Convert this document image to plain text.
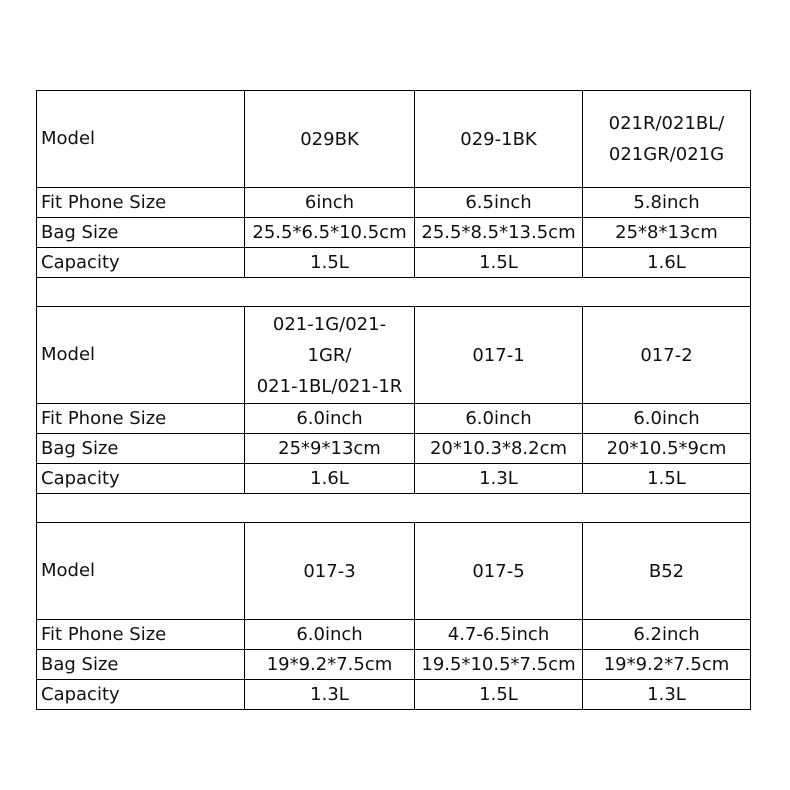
Model	029BK	029-1BK	021R/021BL/
021GR/021G

Fit Phone Size	6inch	6.5inch	5.8inch
Bag Size	25.5*6.5*10.5cm	25.5*8.5*13.5cm	25*8*13cm
Capacity	1.5L	1.5L	1.6L

Model	021-1G/021-
1GR/
021-1BL/021-1R	017-1	017-2

Fit Phone Size	6.0inch	6.0inch	6.0inch
Bag Size	25*9*13cm	20*10.3*8.2cm	20*10.5*9cm
Capacity	1.6L	1.3L	1.5L

Model	017-3	017-5	B52

Fit Phone Size	6.0inch	4.7-6.5inch	6.2inch
Bag Size	19*9.2*7.5cm	19.5*10.5*7.5cm	19*9.2*7.5cm
Capacity	1.3L	1.5L	1.3L
